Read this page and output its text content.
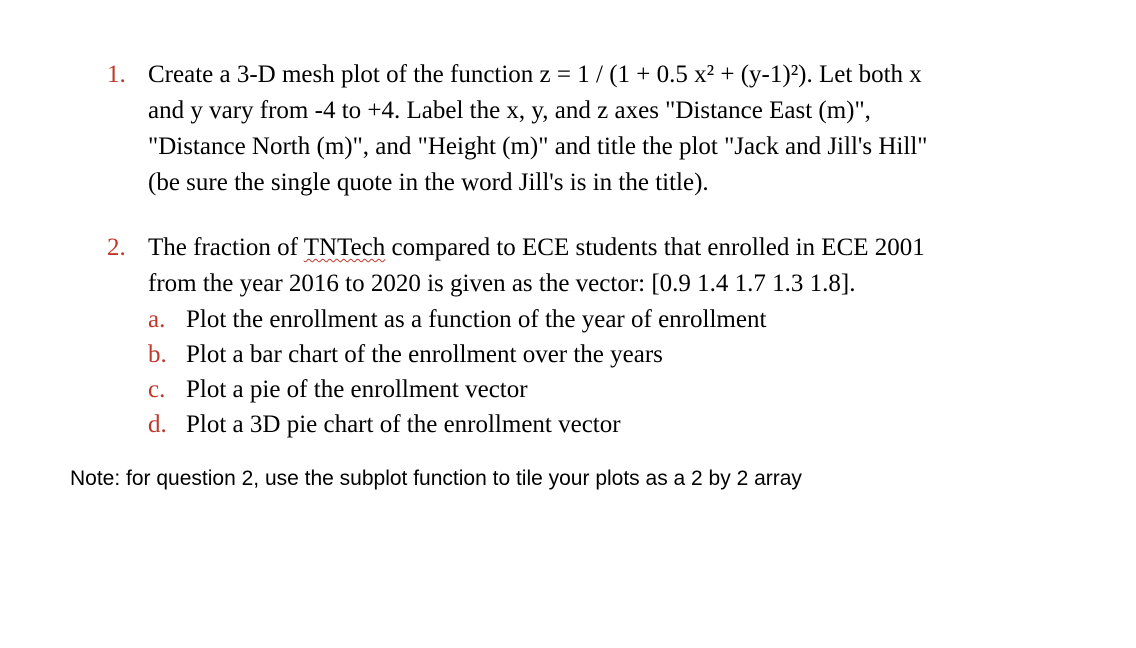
1. Create a 3-D mesh plot of the function z = 1 / (1 + 0.5 x² + (y-1)²). Let both x
and y vary from -4 to +4. Label the x, y, and z axes "Distance East (m)",
"Distance North (m)", and "Height (m)" and title the plot "Jack and Jill's Hill"
(be sure the single quote in the word Jill's is in the title).
2. The fraction of TNTech compared to ECE students that enrolled in ECE 2001
from the year 2016 to 2020 is given as the vector: [0.9 1.4 1.7 1.3 1.8].
a. Plot the enrollment as a function of the year of enrollment
b. Plot a bar chart of the enrollment over the years
c. Plot a pie of the enrollment vector
d. Plot a 3D pie chart of the enrollment vector
Note: for question 2, use the subplot function to tile your plots as a 2 by 2 array
